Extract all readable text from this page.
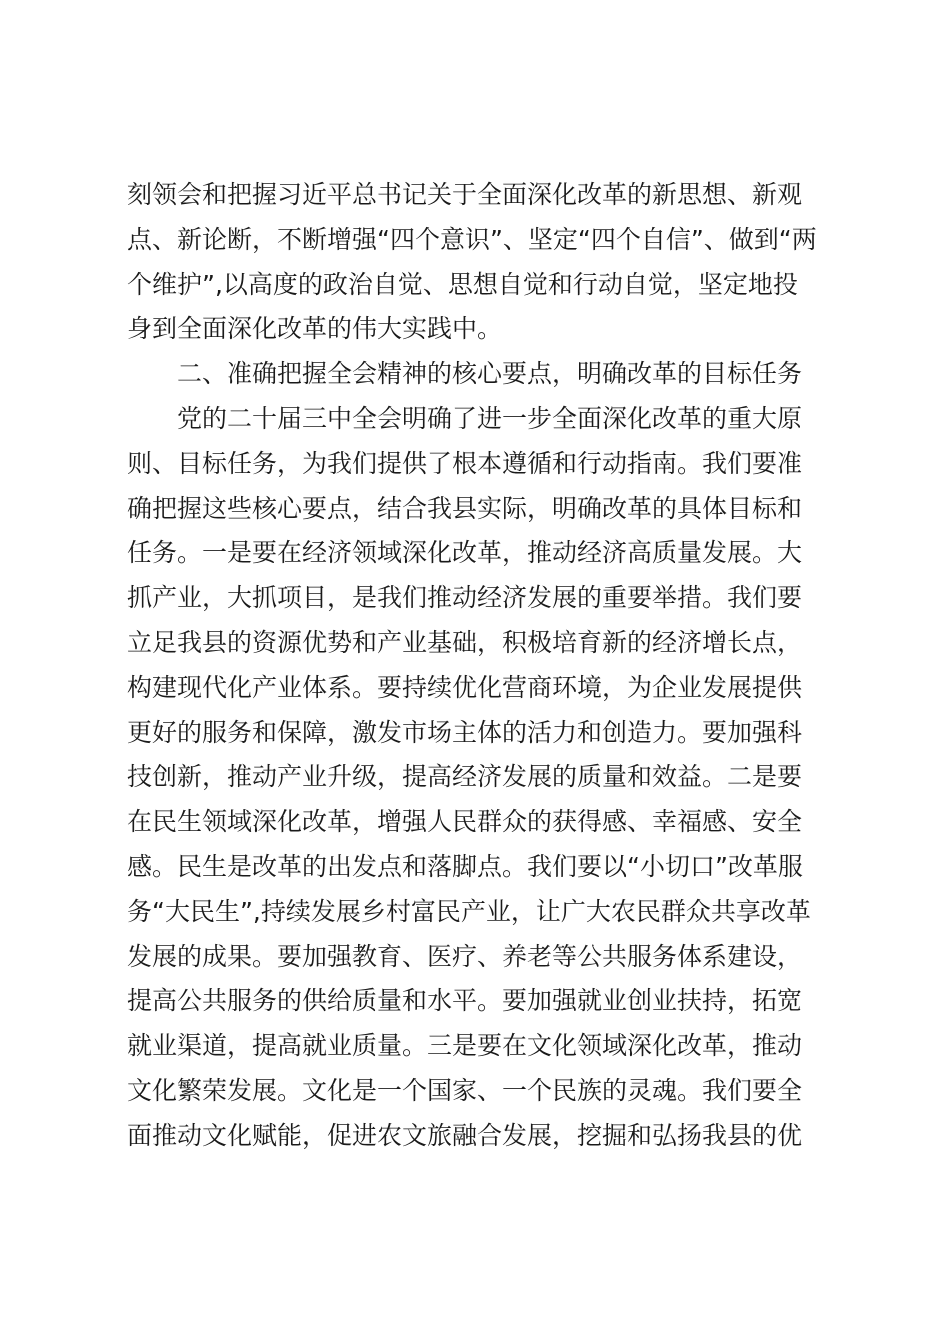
刻领会和把握习近平总书记关于全面深化改革的新思想、新观
点、新论断，不断增强“四个意识”、坚定“四个自信”、做到“两
个维护”,以高度的政治自觉、思想自觉和行动自觉，坚定地投
身到全面深化改革的伟大实践中。
二、准确把握全会精神的核心要点，明确改革的目标任务
党的二十届三中全会明确了进一步全面深化改革的重大原
则、目标任务，为我们提供了根本遵循和行动指南。我们要准
确把握这些核心要点，结合我县实际，明确改革的具体目标和
任务。一是要在经济领域深化改革，推动经济高质量发展。大
抓产业，大抓项目，是我们推动经济发展的重要举措。我们要
立足我县的资源优势和产业基础，积极培育新的经济增长点，
构建现代化产业体系。要持续优化营商环境，为企业发展提供
更好的服务和保障，激发市场主体的活力和创造力。要加强科
技创新，推动产业升级，提高经济发展的质量和效益。二是要
在民生领域深化改革，增强人民群众的获得感、幸福感、安全
感。民生是改革的出发点和落脚点。我们要以“小切口”改革服
务“大民生”,持续发展乡村富民产业，让广大农民群众共享改革
发展的成果。要加强教育、医疗、养老等公共服务体系建设，
提高公共服务的供给质量和水平。要加强就业创业扶持，拓宽
就业渠道，提高就业质量。三是要在文化领域深化改革，推动
文化繁荣发展。文化是一个国家、一个民族的灵魂。我们要全
面推动文化赋能，促进农文旅融合发展，挖掘和弘扬我县的优
